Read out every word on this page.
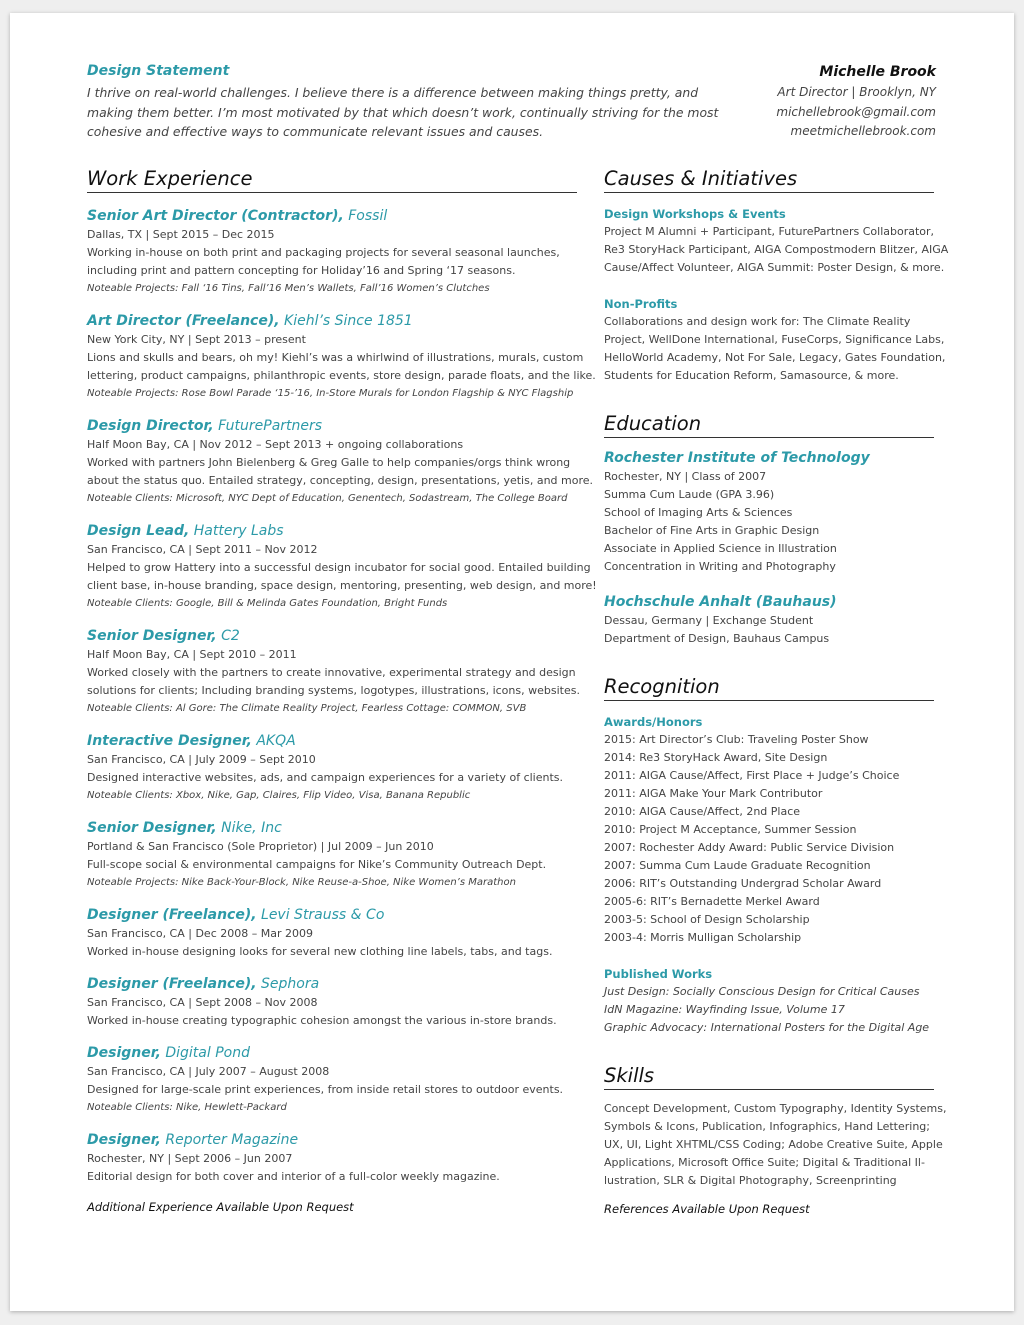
Design Statement
I thrive on real-world challenges. I believe there is a difference between making things pretty, and making them better. I’m most motivated by that which doesn’t work, continually striving for the most cohesive and effective ways to communicate relevant issues and causes.
Michelle Brook
Art Director | Brooklyn, NY
michellebrook@gmail.com
meetmichellebrook.com
Work Experience
Senior Art Director (Contractor), Fossil
Dallas, TX | Sept 2015 – Dec 2015
Working in-house on both print and packaging projects for several seasonal launches,
including print and pattern concepting for Holiday’16 and Spring ‘17 seasons.
Noteable Projects: Fall ‘16 Tins, Fall’16 Men’s Wallets, Fall’16 Women’s Clutches
Art Director (Freelance), Kiehl’s Since 1851
New York City, NY | Sept 2013 – present
Lions and skulls and bears, oh my! Kiehl’s was a whirlwind of illustrations, murals, custom
lettering, product campaigns, philanthropic events, store design, parade floats, and the like.
Noteable Projects: Rose Bowl Parade ‘15-’16, In-Store Murals for London Flagship & NYC Flagship
Design Director, FuturePartners
Half Moon Bay, CA | Nov 2012 – Sept 2013 + ongoing collaborations
Worked with partners John Bielenberg & Greg Galle to help companies/orgs think wrong
about the status quo. Entailed strategy, concepting, design, presentations, yetis, and more.
Noteable Clients: Microsoft, NYC Dept of Education, Genentech, Sodastream, The College Board
Design Lead, Hattery Labs
San Francisco, CA | Sept 2011 – Nov 2012
Helped to grow Hattery into a successful design incubator for social good. Entailed building
client base, in-house branding, space design, mentoring, presenting, web design, and more!
Noteable Clients: Google, Bill & Melinda Gates Foundation, Bright Funds
Senior Designer, C2
Half Moon Bay, CA | Sept 2010 – 2011
Worked closely with the partners to create innovative, experimental strategy and design
solutions for clients; Including branding systems, logotypes, illustrations, icons, websites.
Noteable Clients: Al Gore: The Climate Reality Project, Fearless Cottage: COMMON, SVB
Interactive Designer, AKQA
San Francisco, CA | July 2009 – Sept 2010
Designed interactive websites, ads, and campaign experiences for a variety of clients.
Noteable Clients: Xbox, Nike, Gap, Claires, Flip Video, Visa, Banana Republic
Senior Designer, Nike, Inc
Portland & San Francisco (Sole Proprietor) | Jul 2009 – Jun 2010
Full-scope social & environmental campaigns for Nike’s Community Outreach Dept.
Noteable Projects: Nike Back-Your-Block, Nike Reuse-a-Shoe, Nike Women’s Marathon
Designer (Freelance), Levi Strauss & Co
San Francisco, CA | Dec 2008 – Mar 2009
Worked in-house designing looks for several new clothing line labels, tabs, and tags.
Designer (Freelance), Sephora
San Francisco, CA | Sept 2008 – Nov 2008
Worked in-house creating typographic cohesion amongst the various in-store brands.
Designer, Digital Pond
San Francisco, CA | July 2007 – August 2008
Designed for large-scale print experiences, from inside retail stores to outdoor events.
Noteable Clients: Nike, Hewlett-Packard
Designer, Reporter Magazine
Rochester, NY | Sept 2006 – Jun 2007
Editorial design for both cover and interior of a full-color weekly magazine.
Additional Experience Available Upon Request
Causes & Initiatives
Design Workshops & Events
Project M Alumni + Participant, FuturePartners Collaborator,
Re3 StoryHack Participant, AIGA Compostmodern Blitzer, AIGA
Cause/Affect Volunteer, AIGA Summit: Poster Design, & more.
Non-Profits
Collaborations and design work for: The Climate Reality
Project, WellDone International, FuseCorps, Significance Labs,
HelloWorld Academy, Not For Sale, Legacy, Gates Foundation,
Students for Education Reform, Samasource, & more.
Education
Rochester Institute of Technology
Rochester, NY | Class of 2007
Summa Cum Laude (GPA 3.96)
School of Imaging Arts & Sciences
Bachelor of Fine Arts in Graphic Design
Associate in Applied Science in Illustration
Concentration in Writing and Photography
Hochschule Anhalt (Bauhaus)
Dessau, Germany | Exchange Student
Department of Design, Bauhaus Campus
Recognition
Awards/Honors
2015: Art Director’s Club: Traveling Poster Show
2014: Re3 StoryHack Award, Site Design
2011: AIGA Cause/Affect, First Place + Judge’s Choice
2011: AIGA Make Your Mark Contributor
2010: AIGA Cause/Affect, 2nd Place
2010: Project M Acceptance, Summer Session
2007: Rochester Addy Award: Public Service Division
2007: Summa Cum Laude Graduate Recognition
2006: RIT’s Outstanding Undergrad Scholar Award
2005-6: RIT’s Bernadette Merkel Award
2003-5: School of Design Scholarship
2003-4: Morris Mulligan Scholarship
Published Works
Just Design: Socially Conscious Design for Critical Causes
IdN Magazine: Wayfinding Issue, Volume 17
Graphic Advocacy: International Posters for the Digital Age
Skills
Concept Development, Custom Typography, Identity Systems,
Symbols & Icons, Publication, Infographics, Hand Lettering;
UX, UI, Light XHTML/CSS Coding; Adobe Creative Suite, Apple
Applications, Microsoft Office Suite; Digital & Traditional Il-
lustration, SLR & Digital Photography, Screenprinting
References Available Upon Request
